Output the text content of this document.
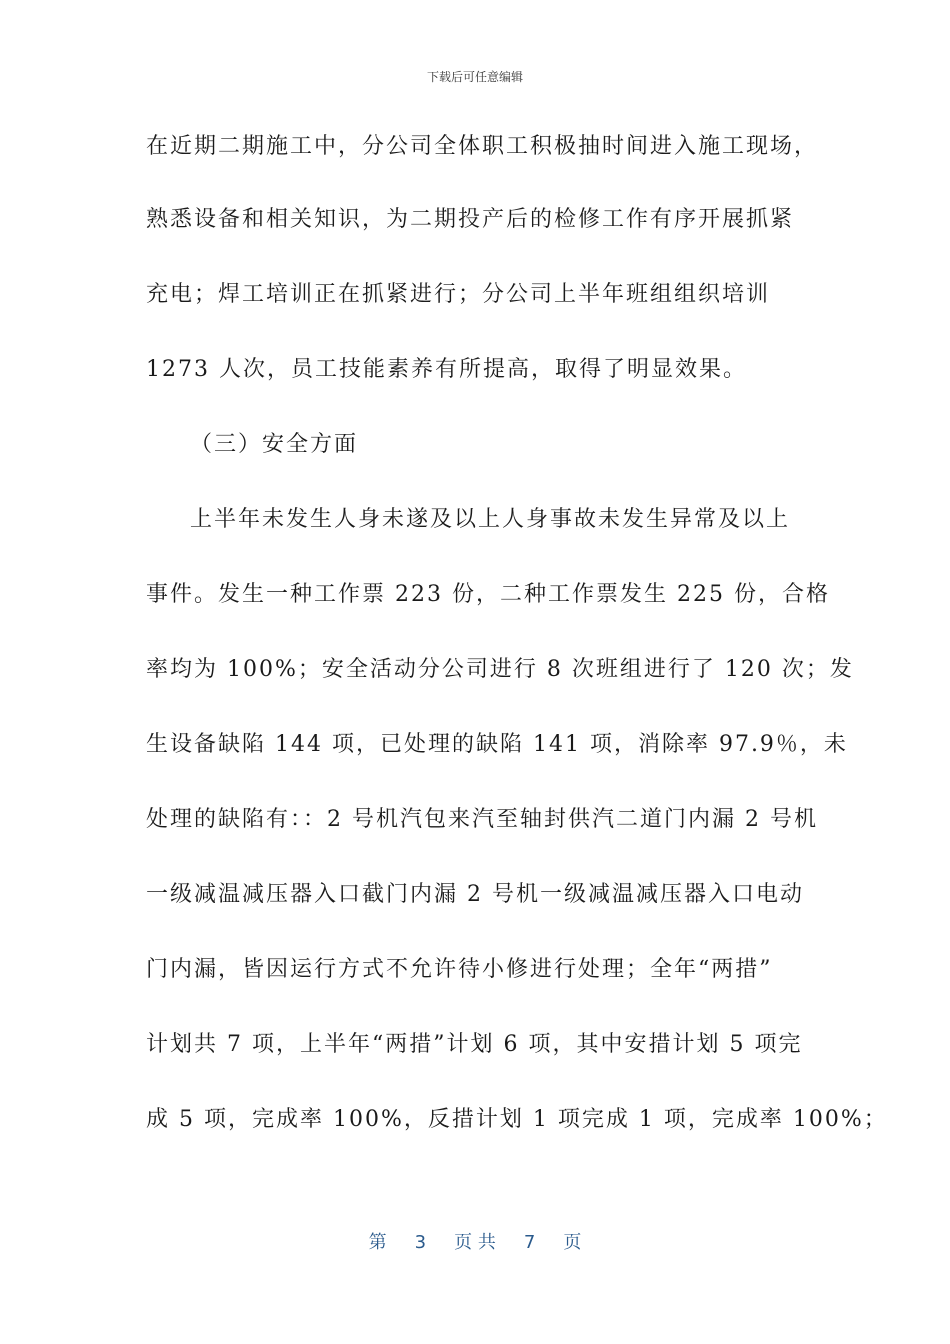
下载后可任意编辑
在近期二期施工中，分公司全体职工积极抽时间进入施工现场，
熟悉设备和相关知识，为二期投产后的检修工作有序开展抓紧
充电；焊工培训正在抓紧进行；分公司上半年班组组织培训
1273 人次，员工技能素养有所提高，取得了明显效果。
（三）安全方面
上半年未发生人身未遂及以上人身事故未发生异常及以上
事件。发生一种工作票 223 份，二种工作票发生 225 份，合格
率均为 100%；安全活动分公司进行 8 次班组进行了 120 次；发
生设备缺陷 144 项，已处理的缺陷 141 项，消除率 97.9％，未
处理的缺陷有：：2 号机汽包来汽至轴封供汽二道门内漏 2 号机
一级减温减压器入口截门内漏 2 号机一级减温减压器入口电动
门内漏，皆因运行方式不允许待小修进行处理；全年“两措”
计划共 7 项，上半年“两措”计划 6 项，其中安措计划 5 项完
成 5 项，完成率 100%，反措计划 1 项完成 1 项，完成率 100%；
第 3 页 共 7 页
